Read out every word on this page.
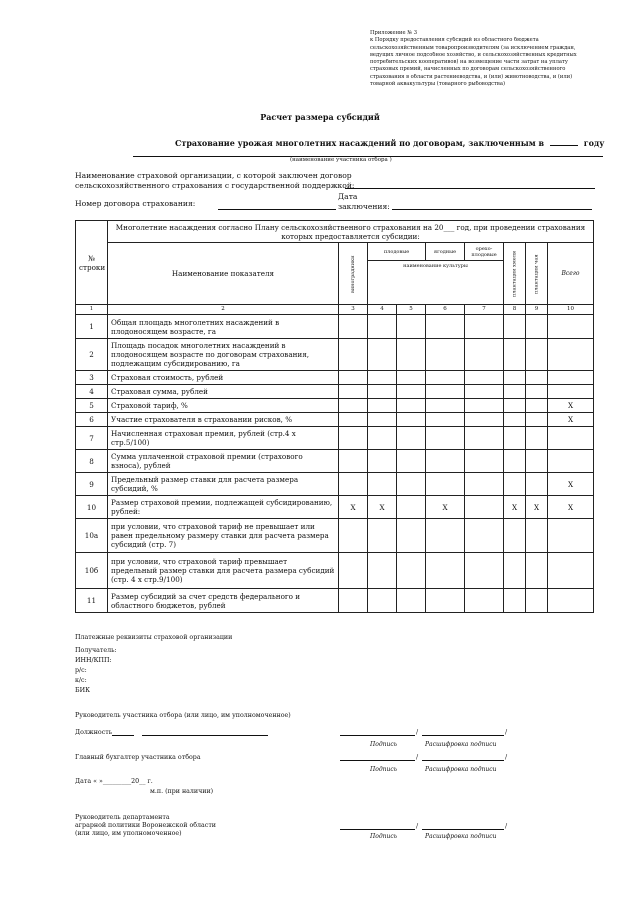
Приложение № 3
к Порядку предоставления субсидий из областного бюджета
сельскохозяйственным товаропроизводителям (за исключением граждан,
ведущих личное подсобное хозяйство, и сельскохозяйственных кредитных
потребительских кооперативов) на возмещение части затрат на уплату
страховых премий, начисленных по договорам сельскохозяйственного
страхования в области растениеводства, и (или) животноводства, и (или)
товарной аквакультуры (товарного рыбоводства)
Расчет размера субсидий
Страхование урожая многолетних насаждений по договорам, заключенным в	году
(наименование участника отбора )
Наименование страховой организации, с которой заключен договор
сельскохозяйственного страхования с государственной поддержкой:
Номер договора страхования:
Дата
заключения:
№ строки	Многолетние насаждения согласно Плану сельскохозяйственного страхования на 20___ год, при проведении страхования которых предоставляется субсидии:								
	Наименование показателя	виноградники	плодовые		ягодные	орехо-плодовые	плантации хмеля	плантации чая	Всего
			наименование культуры						
1	2	3	4	5	6	7	8	9	10
1	Общая площадь многолетних насаждений в плодоносящем возрасте, га								
2	Площадь посадок многолетних насаждений в плодоносящем возрасте по договорам страхования, подлежащим субсидированию, га								
3	Страховая стоимость, рублей								
4	Страховая сумма, рублей								
5	Страховой тариф, %								X
6	Участие страхователя в страховании рисков, %								X
7	Начисленная страховая премия, рублей (стр.4 х стр.5/100)								
8	Сумма уплаченной страховой премии (страхового взноса), рублей								
9	Предельный размер ставки для расчета размера субсидий, %								X
10	Размер страховой премии, подлежащей субсидированию, рублей:	X	X		X		X	X	X
10а	при условии, что страховой тариф не превышает или равен предельному размеру ставки для расчета размера субсидий (стр. 7)								
10б	при условии, что страховой тариф превышает предельный размер ставки для расчета размера субсидий (стр. 4 х стр.9/100)								
11	Размер субсидий за счет средств федерального и областного бюджетов, рублей								
Платежные реквизиты страховой организации
Получатель:
ИНН/КПП:
р/с:
к/с:
БИК
Руководитель участника отбора (или лицо, им уполномоченное)
Должность	/	/
Подпись	Расшифровка подписи
Главный бухгалтер участника отбора	/	/
Подпись	Расшифровка подписи
Дата « »_________20__ г.
м.п. (при наличии)
Руководитель департамента
аграрной политики Воронежской области
(или лицо, им уполномоченное)
/	/
Подпись	Расшифровка подписи
